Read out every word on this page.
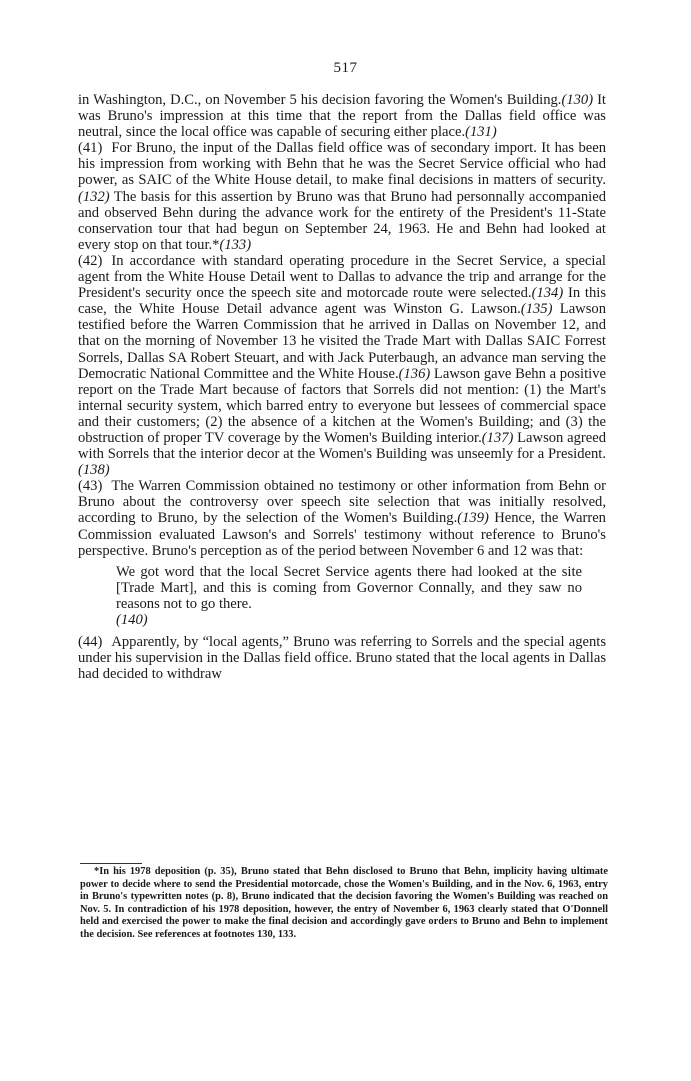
517

in Washington, D.C., on November 5 his decision favoring the Women's Building.(130) It was Bruno's impression at this time that the report from the Dallas field office was neutral, since the local office was capable of securing either place.(131)

(41) For Bruno, the input of the Dallas field office was of secondary import. It has been his impression from working with Behn that he was the Secret Service official who had power, as SAIC of the White House detail, to make final decisions in matters of security.(132) The basis for this assertion by Bruno was that Bruno had personnally accompanied and observed Behn during the advance work for the entirety of the President's 11-State conservation tour that had begun on September 24, 1963. He and Behn had looked at every stop on that tour.*(133)

(42) In accordance with standard operating procedure in the Secret Service, a special agent from the White House Detail went to Dallas to advance the trip and arrange for the President's security once the speech site and motorcade route were selected.(134) In this case, the White House Detail advance agent was Winston G. Lawson.(135) Lawson testified before the Warren Commission that he arrived in Dallas on November 12, and that on the morning of November 13 he visited the Trade Mart with Dallas SAIC Forrest Sorrels, Dallas SA Robert Steuart, and with Jack Puterbaugh, an advance man serving the Democratic National Committee and the White House.(136) Lawson gave Behn a positive report on the Trade Mart because of factors that Sorrels did not mention: (1) the Mart's internal security system, which barred entry to everyone but lessees of commercial space and their customers; (2) the absence of a kitchen at the Women's Building; and (3) the obstruction of proper TV coverage by the Women's Building interior.(137) Lawson agreed with Sorrels that the interior decor at the Women's Building was unseemly for a President.(138)

(43) The Warren Commission obtained no testimony or other information from Behn or Bruno about the controversy over speech site selection that was initially resolved, according to Bruno, by the selection of the Women's Building.(139) Hence, the Warren Commission evaluated Lawson's and Sorrels' testimony without reference to Bruno's perspective. Bruno's perception as of the period between November 6 and 12 was that:

We got word that the local Secret Service agents there had looked at the site [Trade Mart], and this is coming from Governor Connally, and they saw no reasons not to go there.
(140)

(44) Apparently, by “local agents,” Bruno was referring to Sorrels and the special agents under his supervision in the Dallas field office. Bruno stated that the local agents in Dallas had decided to withdraw

*In his 1978 deposition (p. 35), Bruno stated that Behn disclosed to Bruno that Behn, implicity having ultimate power to decide where to send the Presidential motorcade, chose the Women's Building, and in the Nov. 6, 1963, entry in Bruno's typewritten notes (p. 8), Bruno indicated that the decision favoring the Women's Building was reached on Nov. 5. In contradiction of his 1978 deposition, however, the entry of November 6, 1963 clearly stated that O'Donnell held and exercised the power to make the final decision and accordingly gave orders to Bruno and Behn to implement the decision. See references at footnotes 130, 133.
